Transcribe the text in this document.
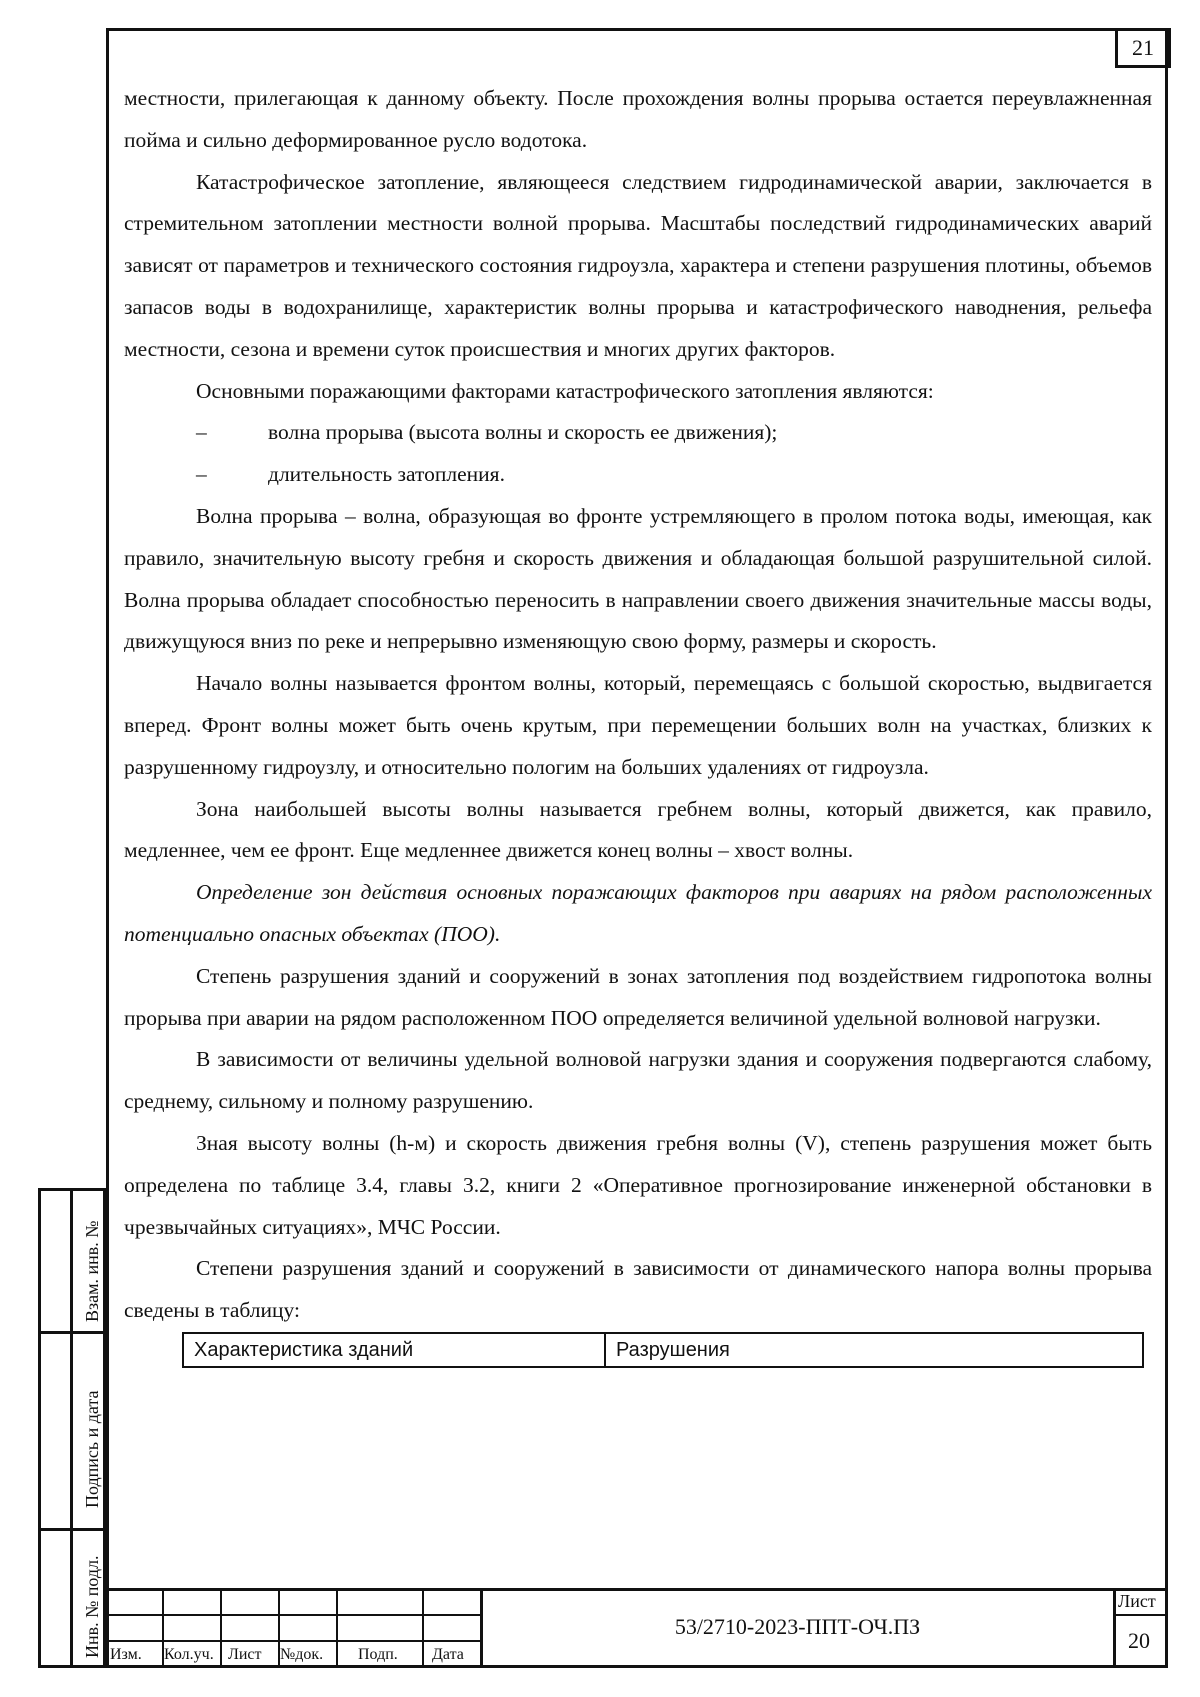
21

местности, прилегающая к данному объекту. После прохождения волны прорыва остается переувлажненная пойма и сильно деформированное русло водотока.

Катастрофическое затопление, являющееся следствием гидродинамической аварии, заключается в стремительном затоплении местности волной прорыва. Масштабы последствий гидродинамических аварий зависят от параметров и технического состояния гидроузла, характера и степени разрушения плотины, объемов запасов воды в водохранилище, характеристик волны прорыва и катастрофического наводнения, рельефа местности, сезона и времени суток происшествия и многих других факторов.

Основными поражающими факторами катастрофического затопления являются:

–	волна прорыва (высота волны и скорость ее движения);
–	длительность затопления.

Волна прорыва – волна, образующая во фронте устремляющего в пролом потока воды, имеющая, как правило, значительную высоту гребня и скорость движения и обладающая большой разрушительной силой. Волна прорыва обладает способностью переносить в направлении своего движения значительные массы воды, движущуюся вниз по реке и непрерывно изменяющую свою форму, размеры и скорость.

Начало волны называется фронтом волны, который, перемещаясь с большой скоростью, выдвигается вперед. Фронт волны может быть очень крутым, при перемещении больших волн на участках, близких к разрушенному гидроузлу, и относительно пологим на больших удалениях от гидроузла.

Зона наибольшей высоты волны называется гребнем волны, который движется, как правило, медленнее, чем ее фронт. Еще медленнее движется конец волны – хвост волны.

Определение зон действия основных поражающих факторов при авариях на рядом расположенных потенциально опасных объектах (ПОО).

Степень разрушения зданий и сооружений в зонах затопления под воздействием гидропотока волны прорыва при аварии на рядом расположенном ПОО определяется величиной удельной волновой нагрузки.

В зависимости от величины удельной волновой нагрузки здания и сооружения подвергаются слабому, среднему, сильному и полному разрушению.

Зная высоту волны (h-м) и скорость движения гребня волны (V), степень разрушения может быть определена по таблице 3.4, главы 3.2, книги 2 «Оперативное прогнозирование инженерной обстановки в чрезвычайных ситуациях», МЧС России.

Степени разрушения зданий и сооружений в зависимости от динамического напора волны прорыва сведены в таблицу:

Характеристика зданий	Разрушения
Взам. инв. №
Подпись и дата
Инв. № подл. Изм. Кол.уч. Лист №док. Подп. Дата
53/2710-2023-ППТ-ОЧ.ПЗ
Лист
20
